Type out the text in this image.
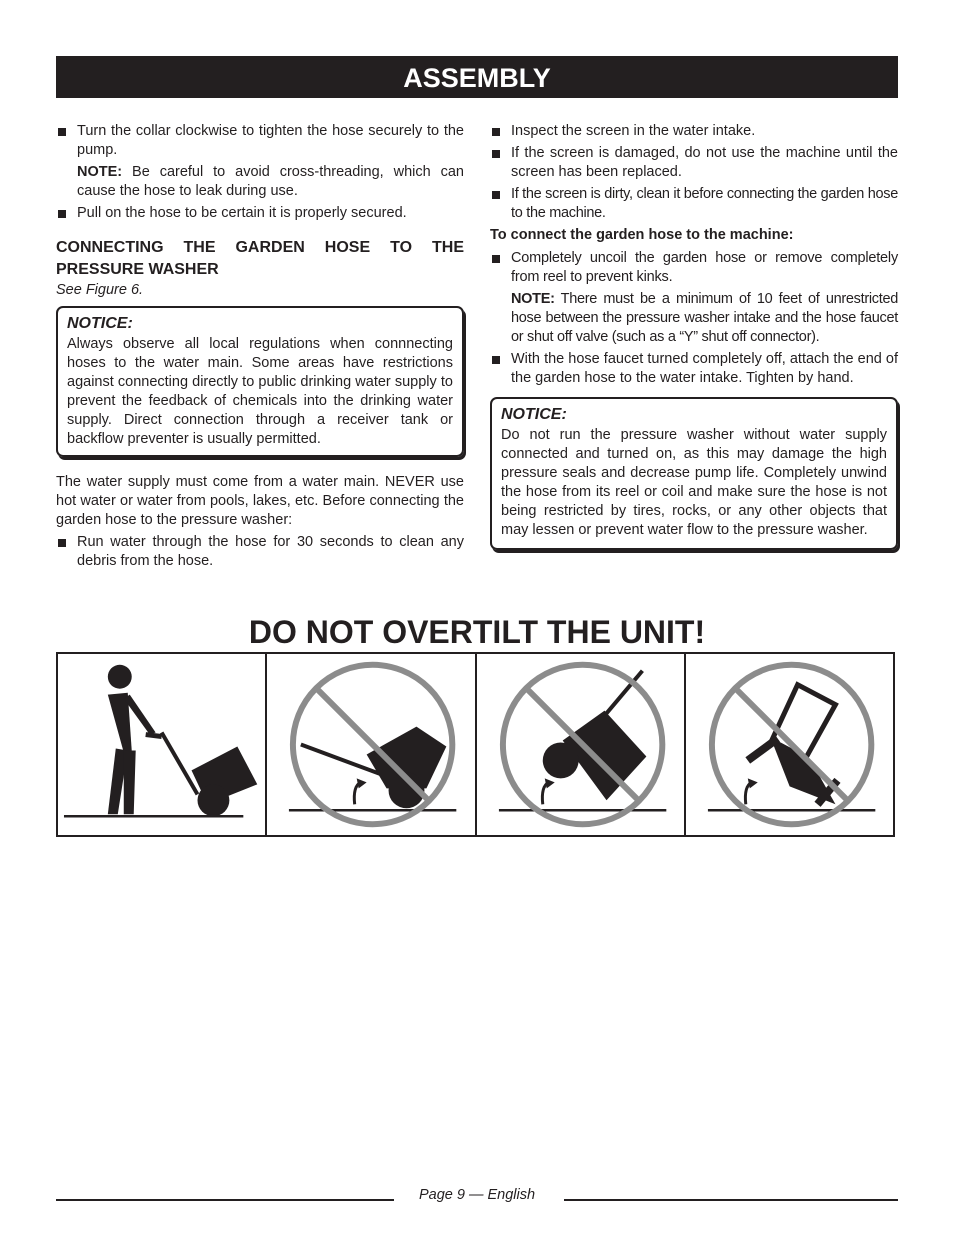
ASSEMBLY
Turn the collar clockwise to tighten the hose securely to the pump.
NOTE: Be careful to avoid cross-threading, which can cause the hose to leak during use.
Pull on the hose to be certain it is properly secured.
CONNECTING THE GARDEN HOSE TO THE PRESSURE WASHER
See Figure 6.
NOTICE:
Always observe all local regulations when connnecting hoses to the water main. Some areas have restrictions against connecting directly to public drinking water supply to prevent the feedback of chemicals into the drinking water supply. Direct connection through a receiver tank or backflow preventer is usually permitted.
The water supply must come from a water main. NEVER use hot water or water from pools, lakes, etc. Before connecting the garden hose to the pressure washer:
Run water through the hose for 30 seconds to clean any debris from the hose.
Inspect the screen in the water intake.
If the screen is damaged, do not use the machine until the screen has been replaced.
If the screen is dirty, clean it before connecting the garden hose to the machine.
To connect the garden hose to the machine:
Completely uncoil the garden hose or remove completely from reel to prevent kinks.
NOTE: There must be a minimum of 10 feet of unrestricted hose between the pressure washer intake and the hose faucet or shut off valve (such as a “Y” shut off connector).
With the hose faucet turned completely off, attach the end of the garden hose to the water intake. Tighten by hand.
NOTICE:
Do not run the pressure washer without water supply connected and turned on, as this may damage the high pressure seals and decrease pump life. Completely unwind the hose from its reel or coil and make sure the hose is not being restricted by tires, rocks, or any other objects that may lessen or prevent water flow to the pressure washer.
DO NOT OVERTILT THE UNIT!
Page 9 — English
